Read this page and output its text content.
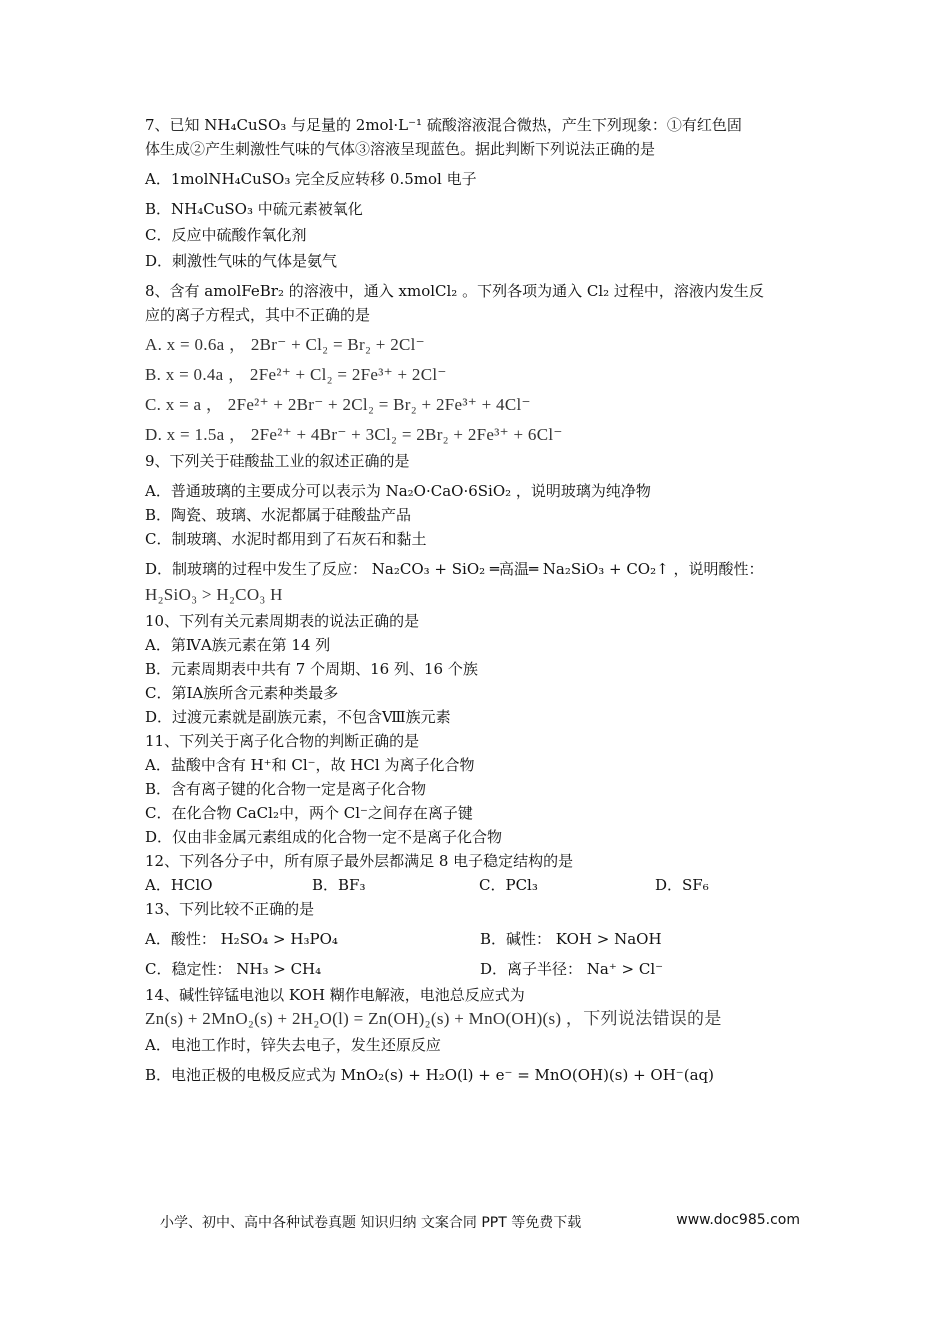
7、已知 NH₄CuSO₃ 与足量的 2mol·L⁻¹ 硫酸溶液混合微热，产生下列现象：①有红色固

体生成②产生刺激性气味的气体③溶液呈现蓝色。据此判断下列说法正确的是

A．1molNH₄CuSO₃ 完全反应转移 0.5mol 电子

B．NH₄CuSO₃ 中硫元素被氧化

C．反应中硫酸作氧化剂

D．刺激性气味的气体是氨气

8、含有 amolFeBr₂ 的溶液中，通入 xmolCl₂ 。下列各项为通入 Cl₂ 过程中，溶液内发生反

应的离子方程式，其中不正确的是

A. x = 0.6a ， 2Br⁻ + Cl₂ = Br₂ + 2Cl⁻

B. x = 0.4a ， 2Fe²⁺ + Cl₂ = 2Fe³⁺ + 2Cl⁻

C. x = a ， 2Fe²⁺ + 2Br⁻ + 2Cl₂ = Br₂ + 2Fe³⁺ + 4Cl⁻

D. x = 1.5a ， 2Fe²⁺ + 4Br⁻ + 3Cl₂ = 2Br₂ + 2Fe³⁺ + 6Cl⁻

9、下列关于硅酸盐工业的叙述正确的是

A．普通玻璃的主要成分可以表示为 Na₂O·CaO·6SiO₂ ，说明玻璃为纯净物

B．陶瓷、玻璃、水泥都属于硅酸盐产品

C．制玻璃、水泥时都用到了石灰石和黏土

D．制玻璃的过程中发生了反应： Na₂CO₃ + SiO₂ ═高温═ Na₂SiO₃ + CO₂↑ ，说明酸性：

H₂SiO₃ > H₂CO₃ H

10、下列有关元素周期表的说法正确的是

A．第ⅣA族元素在第 14 列

B．元素周期表中共有 7 个周期、16 列、16 个族

C．第ⅠA族所含元素种类最多

D．过渡元素就是副族元素，不包含Ⅷ族元素

11、下列关于离子化合物的判断正确的是

A．盐酸中含有 H⁺和 Cl⁻，故 HCl 为离子化合物

B．含有离子键的化合物一定是离子化合物

C．在化合物 CaCl₂中，两个 Cl⁻之间存在离子键

D．仅由非金属元素组成的化合物一定不是离子化合物

12、下列各分子中，所有原子最外层都满足 8 电子稳定结构的是

A．HClO	B．BF₃	C．PCl₃	D．SF₆

13、下列比较不正确的是

A．酸性： H₂SO₄ > H₃PO₄	B．碱性： KOH > NaOH
C．稳定性： NH₃ > CH₄	D．离子半径： Na⁺ > Cl⁻

14、碱性锌锰电池以 KOH 糊作电解液，电池总反应式为

Zn(s) + 2MnO₂(s) + 2H₂O(l) = Zn(OH)₂(s) + MnO(OH)(s) ，下列说法错误的是

A．电池工作时，锌失去电子，发生还原反应

B．电池正极的电极反应式为 MnO₂(s) + H₂O(l) + e⁻ = MnO(OH)(s) + OH⁻(aq)

小学、初中、高中各种试卷真题 知识归纳 文案合同 PPT 等免费下载	www.doc985.com
